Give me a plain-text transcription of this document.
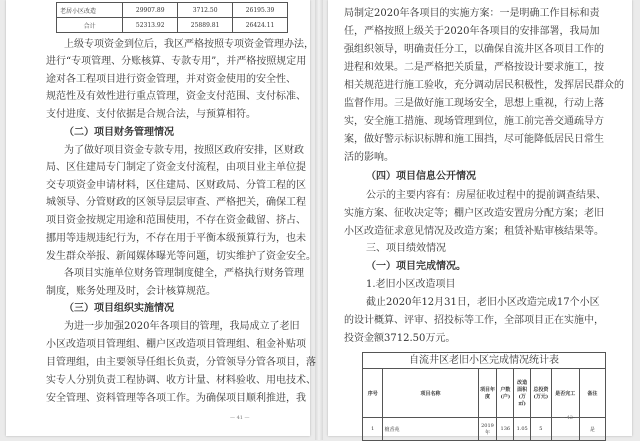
老居小区改造	29907.89	3712.50	26195.39
合计	52313.92	25889.81	26424.11
上级专项资金到位后，我区严格按照专项资金管理办法，
进行“专项管理、分账核算、专款专用”，并严格按照规定用
途对各工程项目进行资金管理，并对资金使用的安全性、
规范性及有效性进行重点管理，资金支付范围、支付标准、
支付进度、支付依据是合规合法，与预算相符。
（二）项目财务管理情况
为了做好项目资金专款专用，按照区政府安排，区财政
局、区住建局专门制定了资金支付流程，由项目业主单位提
交专项资金申请材料，区住建局、区财政局、分管工程的区
城领导、分管财政的区领导层层审查、严格把关，确保工程
项目资金按规定用途和范围使用，不存在资金截留、挤占、
挪用等违规违纪行为，不存在用于平衡本级预算行为，也未
发生群众举报、新闻媒体曝光等问题，切实维护了资金安全。
各项目实施单位财务管理制度健全，严格执行财务管理
制度，账务处理及时，会计核算规范。
（三）项目组织实施情况
为进一步加强2020年各项目的管理，我局成立了老旧
小区改造项目管理组、棚户区改造项目管理组、租金补贴项
目管理组，由主要领导任组长负责，分管领导分管各项目，落
实专人分别负责工程协调、收方计量、材料验收、用电技术、
安全管理、资料管理等各项工作。为确保项目顺利推进，我
— 41 —
局制定2020年各项目的实施方案：一是明确工作目标和责
任，严格按照上级关于2020年各项目的安排部署，我局加
强组织领导，明确责任分工，以确保自流井区各项目工作的
进程和效果。二是严格把关质量，严格按设计要求施工，按
相关规范进行施工验收，充分调动居民积极性，发挥居民群众的
监督作用。三是做好施工现场安全，思想上重视，行动上落
实，安全施工措施、现场管理到位，施工前完善交通疏导方
案，做好警示标识标牌和施工围挡，尽可能降低居民日常生
活的影响。
（四）项目信息公开情况
公示的主要内容有：房屋征收过程中的提前调查结果、
实施方案、征收决定等；棚户区改造安置房分配方案；老旧
小区改造征求意见情况及改造方案；租赁补贴审核结果等。
三、项目绩效情况
（一）项目完成情况。
1.老旧小区改造项目
截止2020年12月31日，老旧小区改造完成17个小区
的设计概算、评审、招投标等工作，全部项目正在实施中，
投资金额3712.50万元。
自流井区老旧小区完成情况统计表
序号	项目名称	项目年度	户数(户)	改造面积(万㎡)	总投资(万元)	是否完工	备注
1	檀香苑	2019年	136	1.05	5		是
— 42 —
